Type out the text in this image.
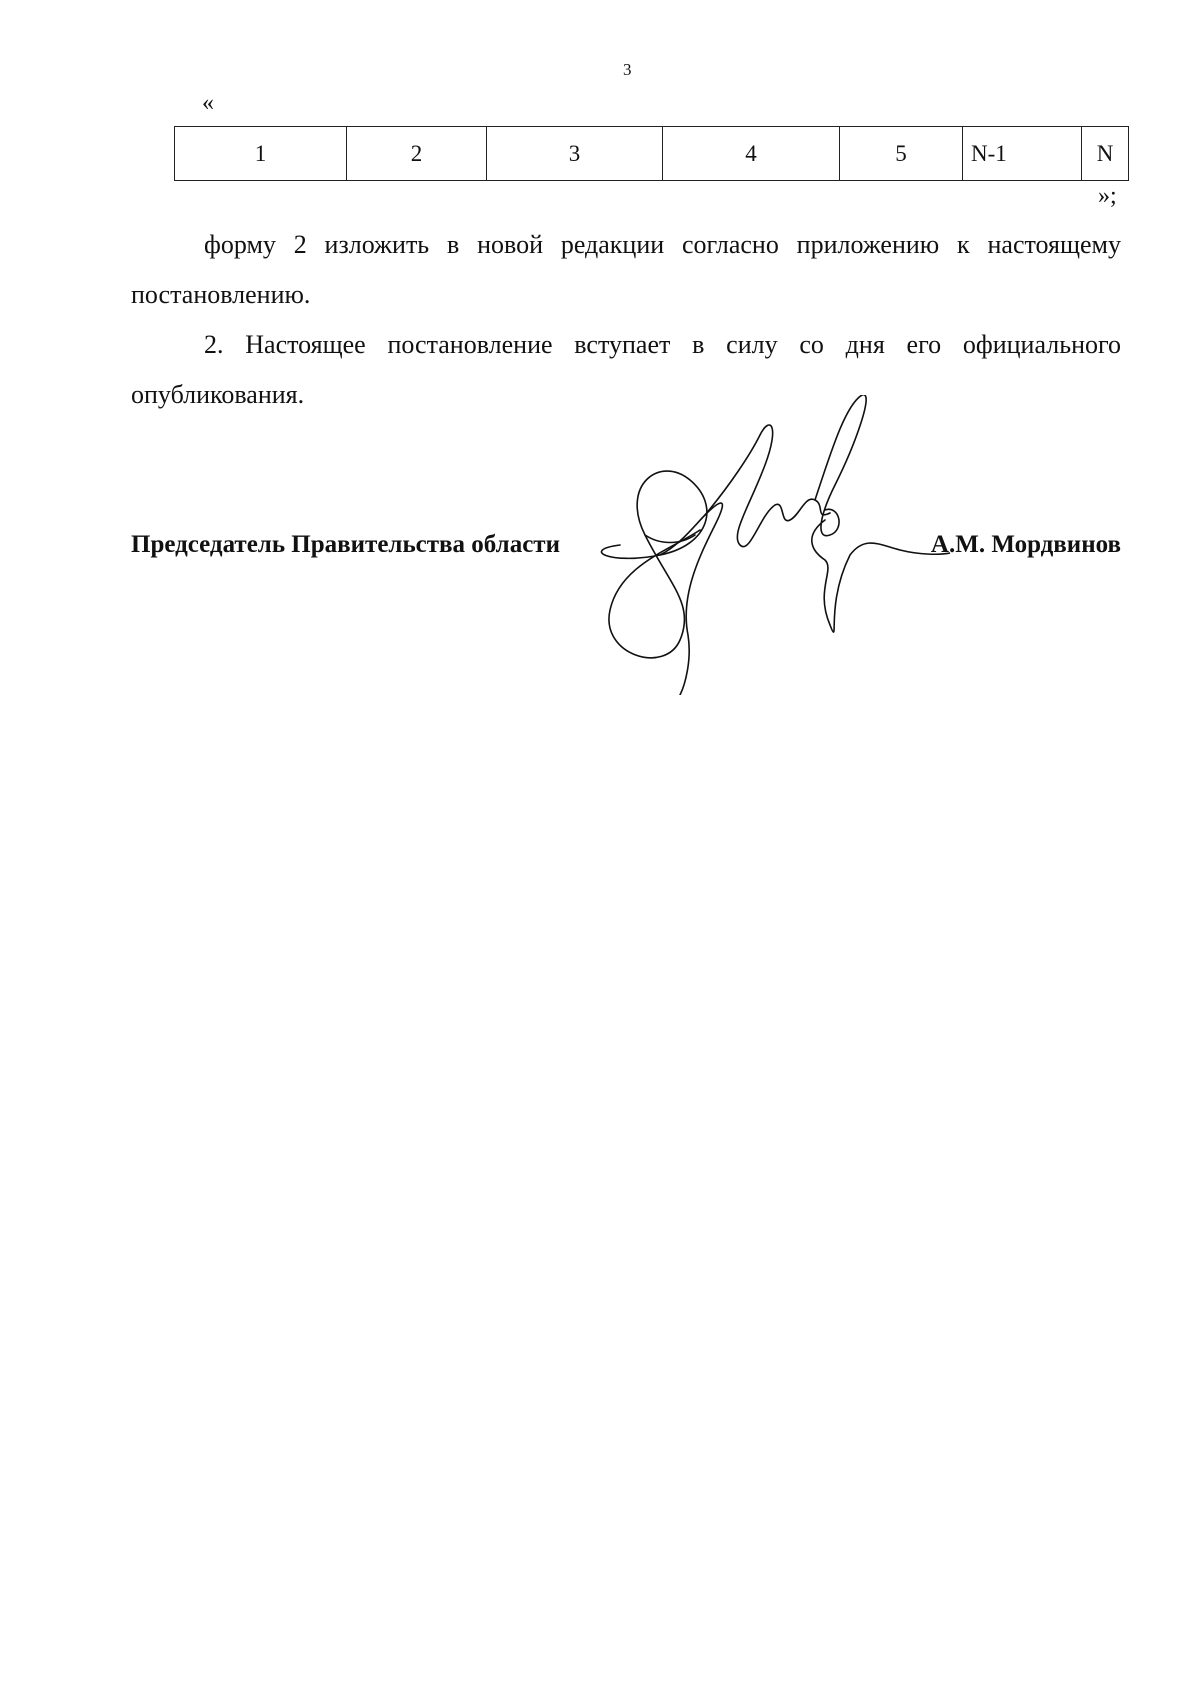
3
«
1	2	3	4	5	N-1	N
»;

форму 2 изложить в новой редакции согласно приложению к настоящему постановлению.

2. Настоящее постановление вступает в силу со дня его официального опубликования.

Председатель Правительства области	А.М. Мордвинов
